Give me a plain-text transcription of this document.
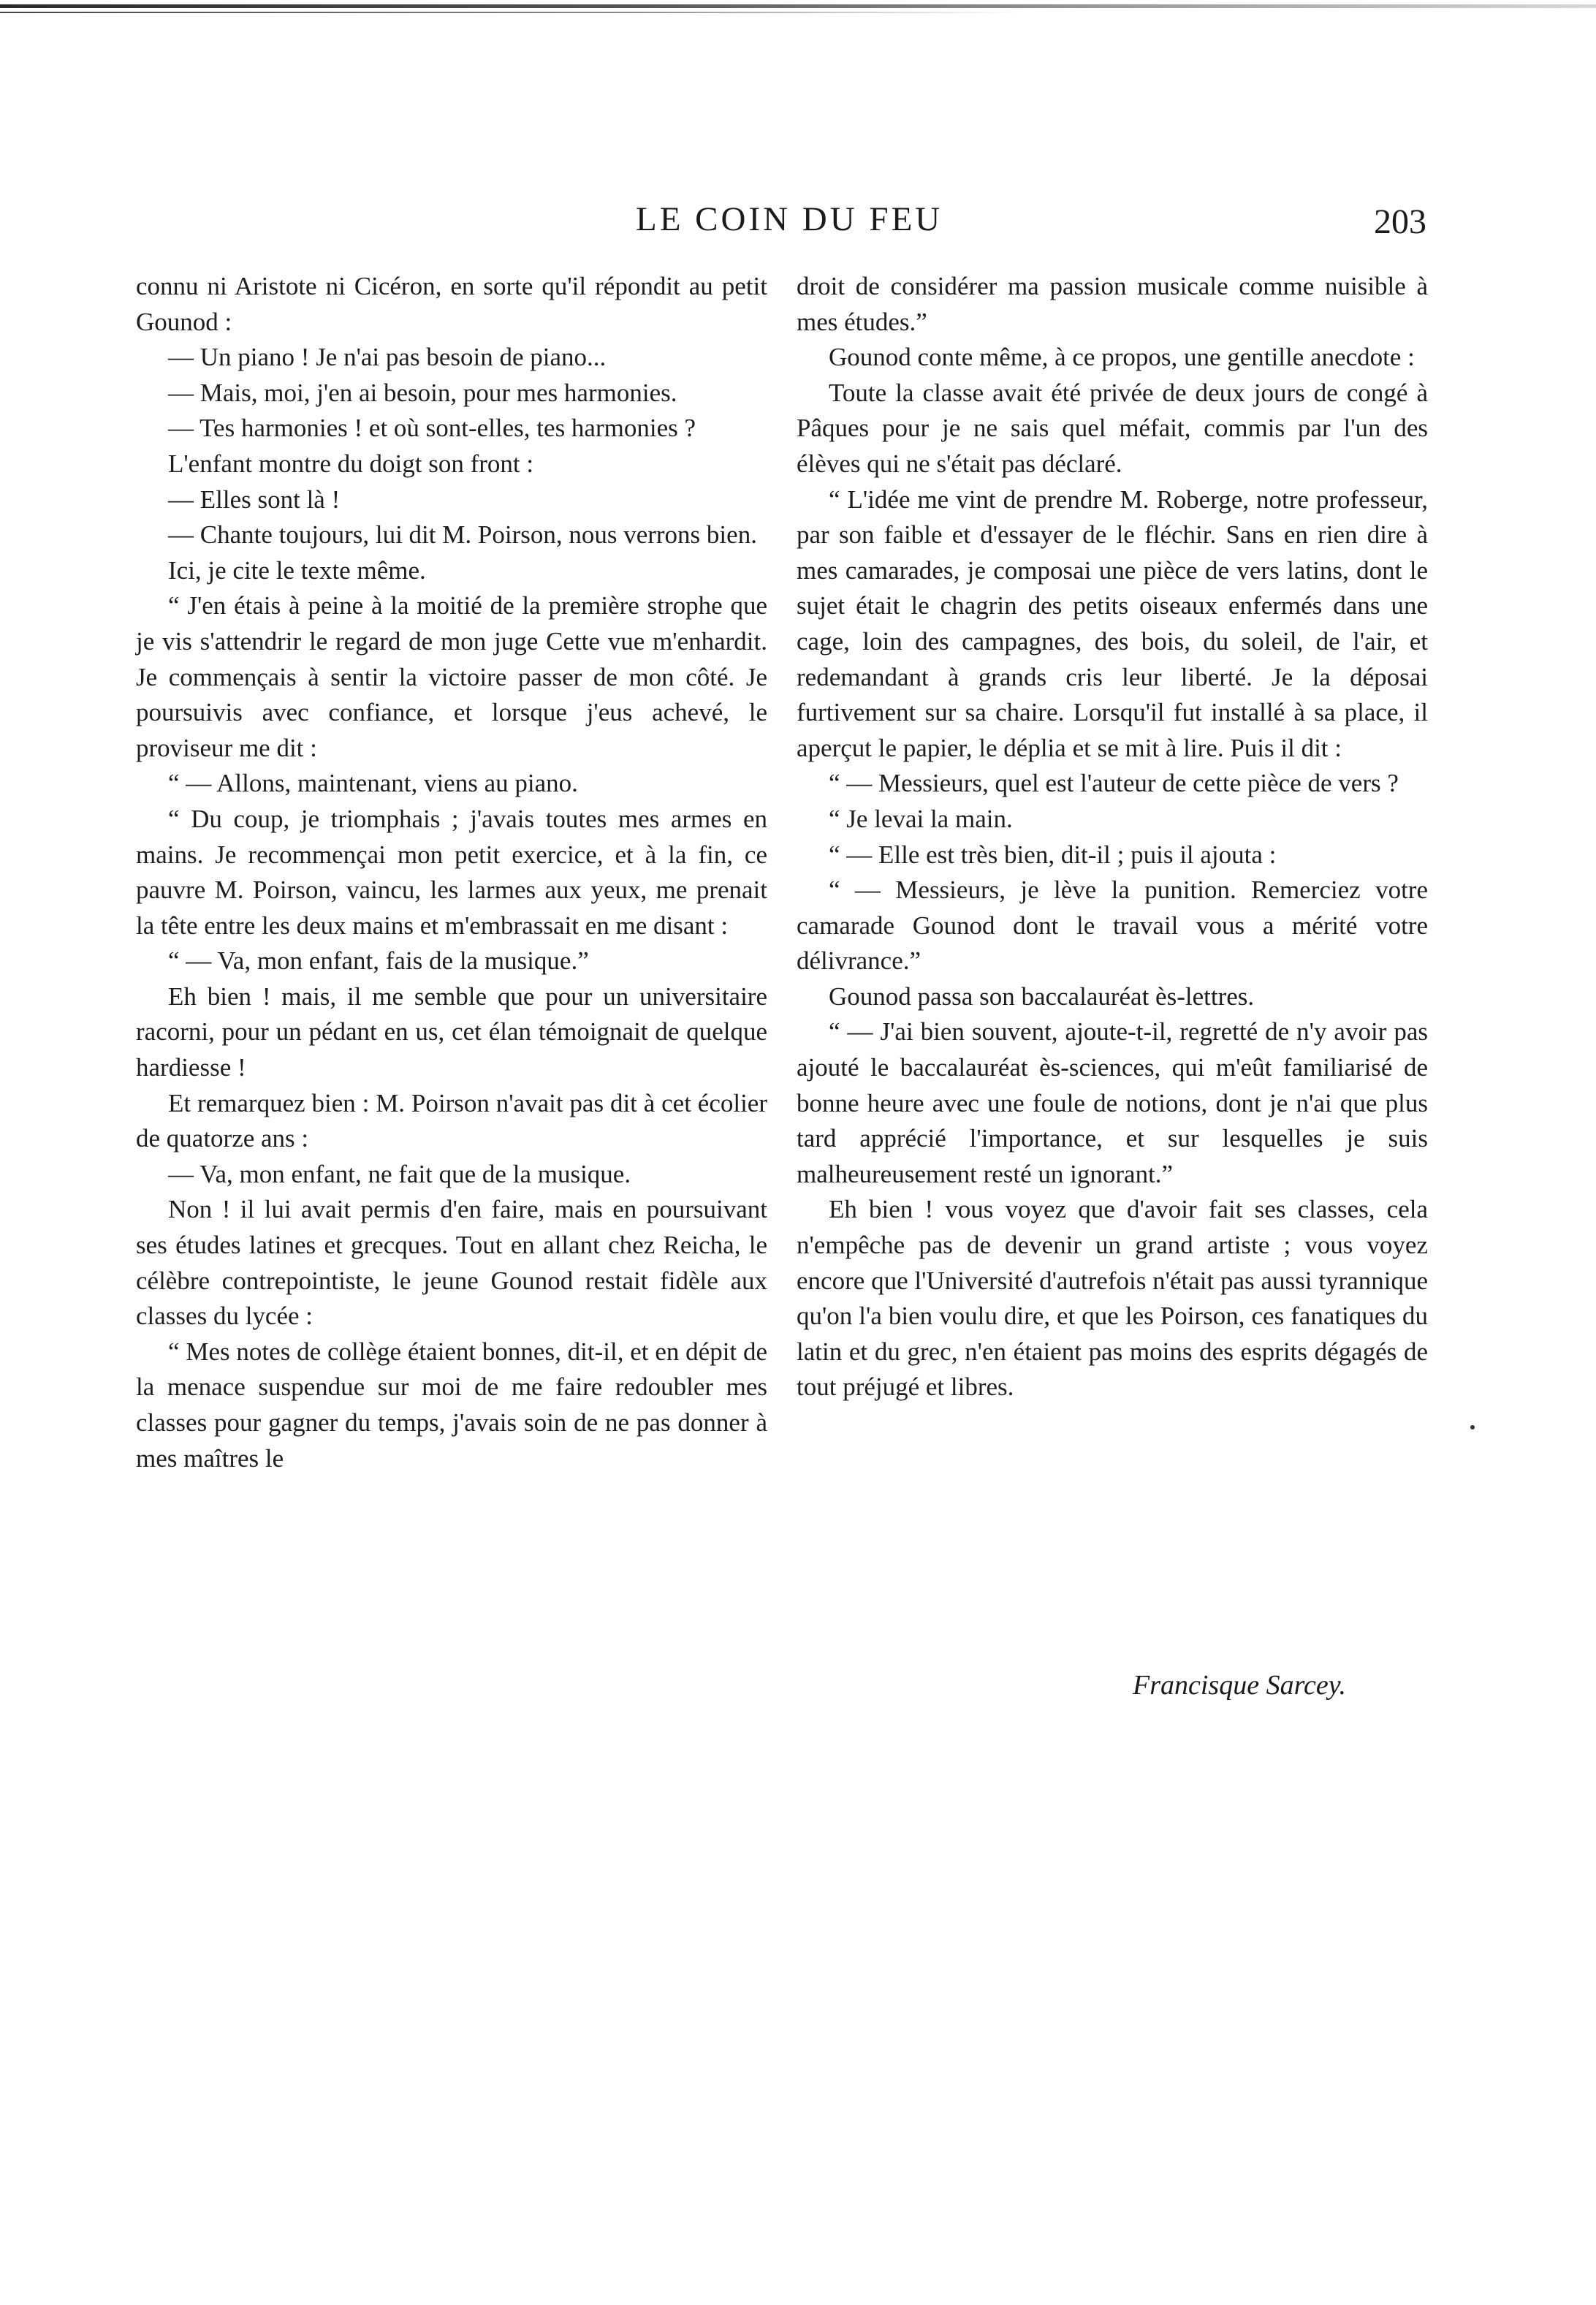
LE COIN DU FEU	203

connu ni Aristote ni Cicéron, en sorte qu'il répondit au petit Gounod :

— Un piano ! Je n'ai pas besoin de piano...

— Mais, moi, j'en ai besoin, pour mes harmonies.

— Tes harmonies ! et où sont-elles, tes harmonies ?

L'enfant montre du doigt son front :

— Elles sont là !

— Chante toujours, lui dit M. Poirson, nous verrons bien.

Ici, je cite le texte même.

“ J'en étais à peine à la moitié de la première strophe que je vis s'attendrir le regard de mon juge Cette vue m'enhardit. Je commençais à sentir la victoire passer de mon côté. Je poursuivis avec confiance, et lorsque j'eus achevé, le proviseur me dit :

“ — Allons, maintenant, viens au piano.

“ Du coup, je triomphais ; j'avais toutes mes armes en mains. Je recommençai mon petit exercice, et à la fin, ce pauvre M. Poirson, vaincu, les larmes aux yeux, me prenait la tête entre les deux mains et m'embrassait en me disant :

“ — Va, mon enfant, fais de la musique.”

Eh bien ! mais, il me semble que pour un universitaire racorni, pour un pédant en us, cet élan témoignait de quelque hardiesse !

Et remarquez bien : M. Poirson n'avait pas dit à cet écolier de quatorze ans :

— Va, mon enfant, ne fait que de la musique.

Non ! il lui avait permis d'en faire, mais en poursuivant ses études latines et grecques. Tout en allant chez Reicha, le célèbre contrepointiste, le jeune Gounod restait fidèle aux classes du lycée :

“ Mes notes de collège étaient bonnes, dit-il, et en dépit de la menace suspendue sur moi de me faire redoubler mes classes pour gagner du temps, j'avais soin de ne pas donner à mes maîtres le

droit de considérer ma passion musicale comme nuisible à mes études.”

Gounod conte même, à ce propos, une gentille anecdote :

Toute la classe avait été privée de deux jours de congé à Pâques pour je ne sais quel méfait, commis par l'un des élèves qui ne s'était pas déclaré.

“ L'idée me vint de prendre M. Roberge, notre professeur, par son faible et d'essayer de le fléchir. Sans en rien dire à mes camarades, je composai une pièce de vers latins, dont le sujet était le chagrin des petits oiseaux enfermés dans une cage, loin des campagnes, des bois, du soleil, de l'air, et redemandant à grands cris leur liberté. Je la déposai furtivement sur sa chaire. Lorsqu'il fut installé à sa place, il aperçut le papier, le déplia et se mit à lire. Puis il dit :

“ — Messieurs, quel est l'auteur de cette pièce de vers ?

“ Je levai la main.

“ — Elle est très bien, dit-il ; puis il ajouta :

“ — Messieurs, je lève la punition. Remerciez votre camarade Gounod dont le travail vous a mérité votre délivrance.”

Gounod passa son baccalauréat ès-lettres.

“ — J'ai bien souvent, ajoute-t-il, regretté de n'y avoir pas ajouté le baccalauréat ès-sciences, qui m'eût familiarisé de bonne heure avec une foule de notions, dont je n'ai que plus tard apprécié l'importance, et sur lesquelles je suis malheureusement resté un ignorant.”

Eh bien ! vous voyez que d'avoir fait ses classes, cela n'empêche pas de devenir un grand artiste ; vous voyez encore que l'Université d'autrefois n'était pas aussi tyrannique qu'on l'a bien voulu dire, et que les Poirson, ces fanatiques du latin et du grec, n'en étaient pas moins des esprits dégagés de tout préjugé et libres.

Francisque Sarcey.
